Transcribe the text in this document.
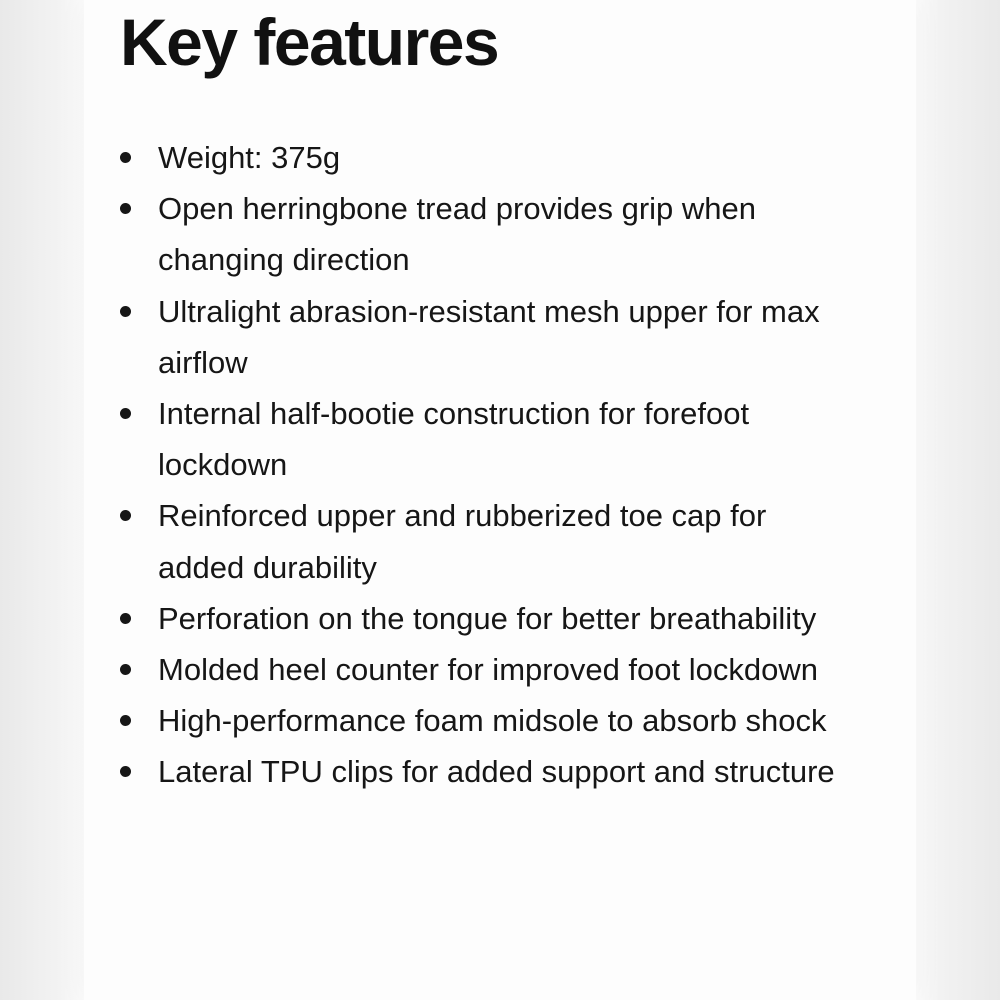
Key features
Weight: 375g
Open herringbone tread provides grip when changing direction
Ultralight abrasion-resistant mesh upper for max airflow
Internal half-bootie construction for forefoot lockdown
Reinforced upper and rubberized toe cap for added durability
Perforation on the tongue for better breathability
Molded heel counter for improved foot lockdown
High-performance foam midsole to absorb shock
Lateral TPU clips for added support and structure
